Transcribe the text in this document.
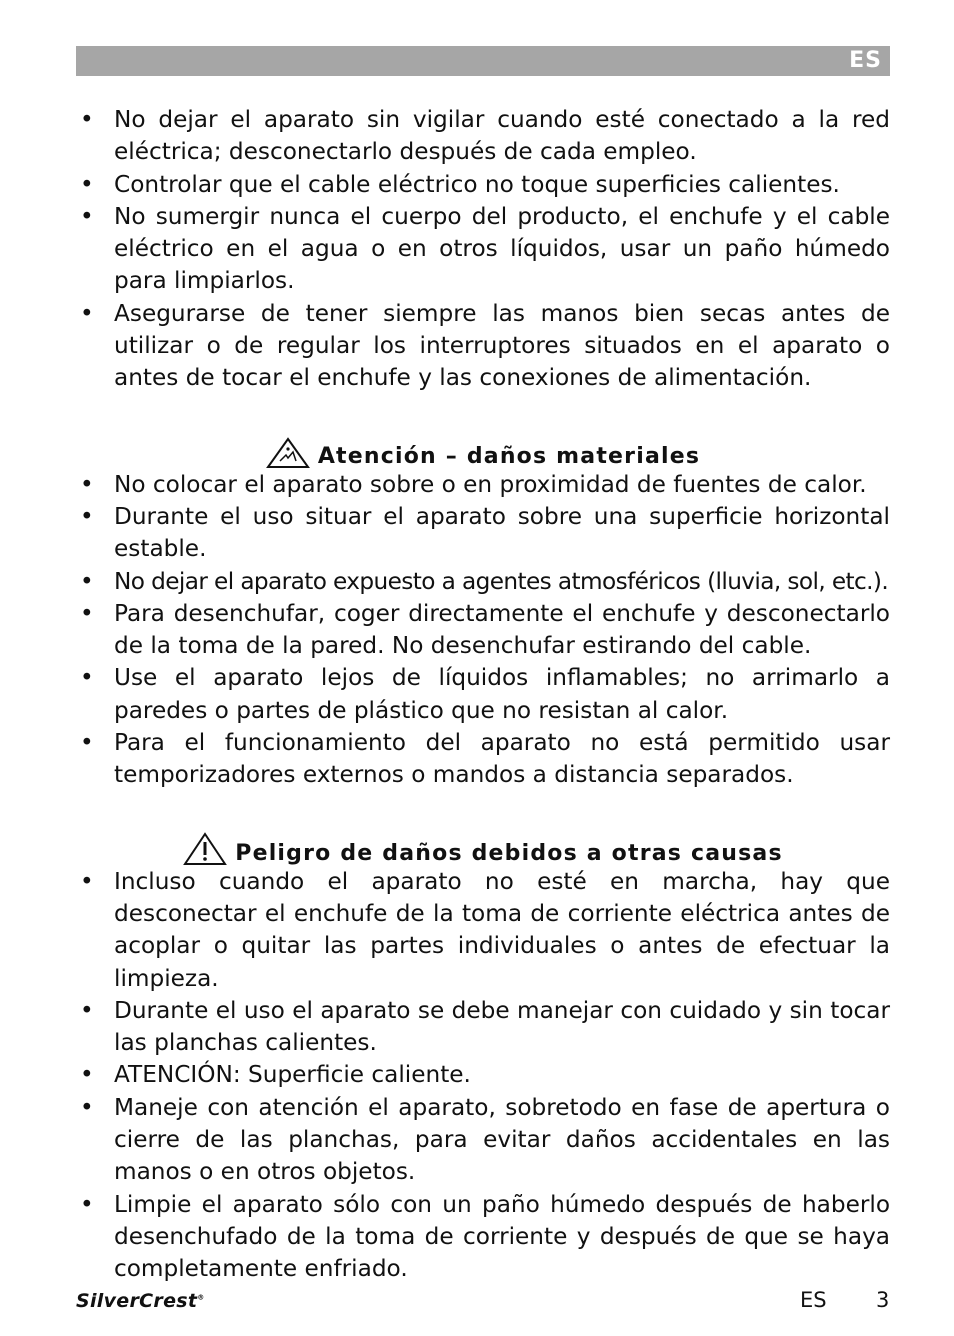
ES
• No dejar el aparato sin vigilar cuando esté conectado a la red eléctrica; desconectarlo después de cada empleo.
• Controlar que el cable eléctrico no toque superficies calientes.
• No sumergir nunca el cuerpo del producto, el enchufe y el cable eléctrico en el agua o en otros líquidos, usar un paño húmedo para limpiarlos.
• Asegurarse de tener siempre las manos bien secas antes de utilizar o de regular los interruptores situados en el aparato o antes de tocar el enchufe y las conexiones de alimentación.
Atención – daños materiales
• No colocar el aparato sobre o en proximidad de fuentes de calor.
• Durante el uso situar el aparato sobre una superficie horizontal estable.
• No dejar el aparato expuesto a agentes atmosféricos (lluvia, sol, etc.).
• Para desenchufar, coger directamente el enchufe y desconectarlo de la toma de la pared. No desenchufar estirando del cable.
• Use el aparato lejos de líquidos inflamables; no arrimarlo a paredes o partes de plástico que no resistan al calor.
• Para el funcionamiento del aparato no está permitido usar temporizadores externos o mandos a distancia separados.
Peligro de daños debidos a otras causas
• Incluso cuando el aparato no esté en marcha, hay que desconectar el enchufe de la toma de corriente eléctrica antes de acoplar o quitar las partes individuales o antes de efectuar la limpieza.
• Durante el uso el aparato se debe manejar con cuidado y sin tocar las planchas calientes.
• ATENCIÓN: Superficie caliente.
• Maneje con atención el aparato, sobretodo en fase de apertura o cierre de las planchas, para evitar daños accidentales en las manos o en otros objetos.
• Limpie el aparato sólo con un paño húmedo después de haberlo desenchufado de la toma de corriente y después de que se haya completamente enfriado.
SilverCrest®	ES 3
